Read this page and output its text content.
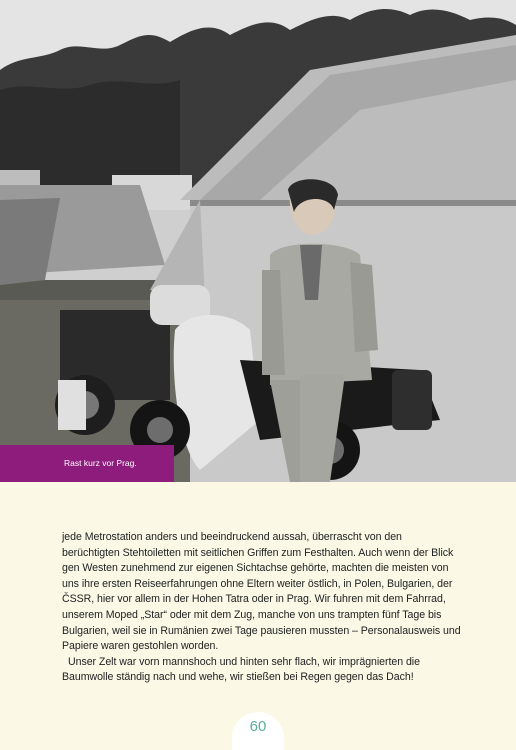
Rast kurz vor Prag.

jede Metrostation anders und beeindruckend aussah, überrascht von den berüchtigten Stehtoiletten mit seitlichen Griffen zum Festhalten. Auch wenn der Blick gen Westen zunehmend zur eigenen Sichtachse gehörte, machten die meisten von uns ihre ersten Reiseerfahrungen ohne Eltern weiter östlich, in Polen, Bulgarien, der ČSSR, hier vor allem in der Hohen Tatra oder in Prag. Wir fuhren mit dem Fahrrad, unserem Moped „Star“ oder mit dem Zug, manche von uns trampten fünf Tage bis Bulgarien, weil sie in Rumänien zwei Tage pausieren mussten – Personalausweis und Papiere waren gestohlen worden.

Unser Zelt war vorn mannshoch und hinten sehr flach, wir imprägnierten die Baumwolle ständig nach und wehe, wir stießen bei Regen gegen das Dach!

60
